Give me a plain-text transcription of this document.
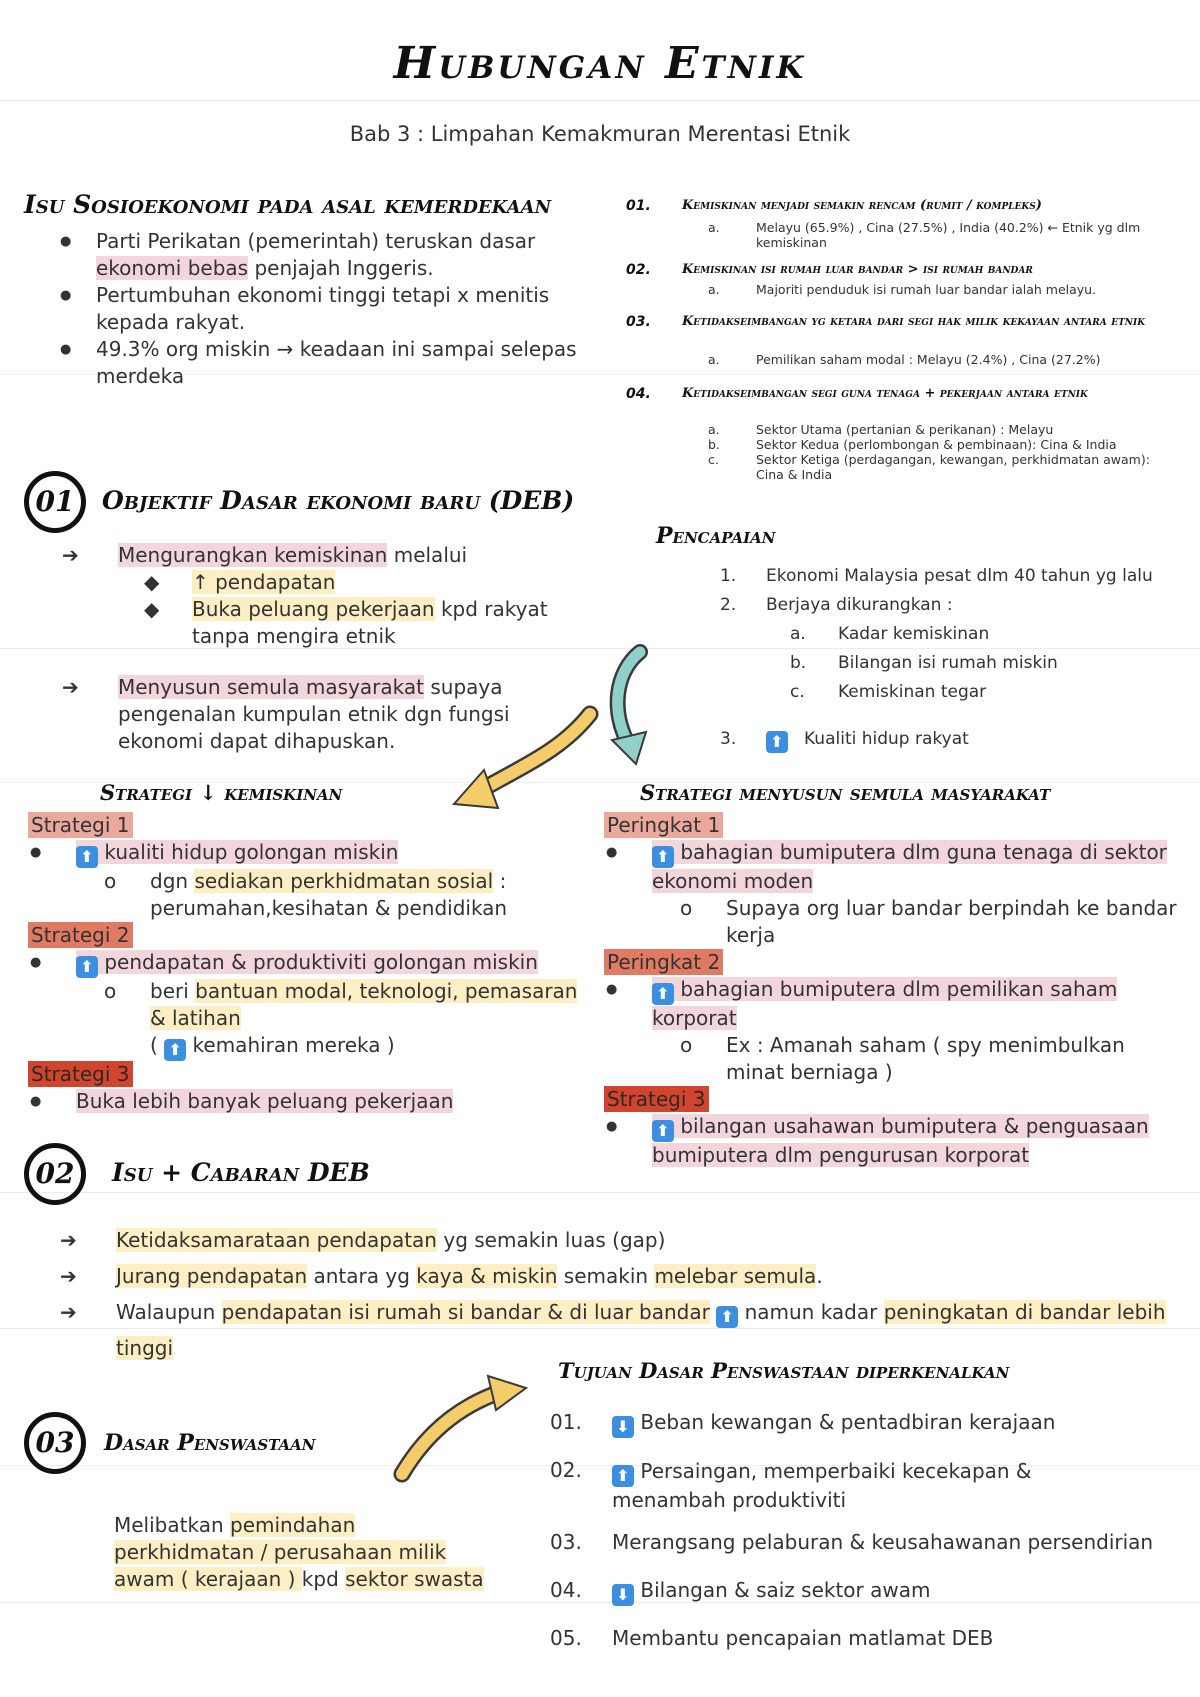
Hubungan Etnik
Bab 3 : Limpahan Kemakmuran Merentasi Etnik
Isu Sosioekonomi pada asal kemerdekaan
● Parti Perikatan (pemerintah) teruskan dasar ekonomi bebas penjajah Inggeris.
● Pertumbuhan ekonomi tinggi tetapi x menitis kepada rakyat.
● 49.3% org miskin → keadaan ini sampai selepas merdeka
01. Kemiskinan menjadi semakin rencam (rumit / kompleks)
a.	Melayu (65.9%) , Cina (27.5%) , India (40.2%) ← Etnik yg dlm kemiskinan
02. Kemiskinan isi rumah luar bandar > isi rumah bandar
a.	Majoriti penduduk isi rumah luar bandar ialah melayu.
03. Ketidakseimbangan yg ketara dari segi hak milik kekayaan antara etnik
a.	Pemilikan saham modal : Melayu (2.4%) , Cina (27.2%)
04. Ketidakseimbangan segi guna tenaga + pekerjaan antara etnik
a.	Sektor Utama (pertanian & perikanan) : Melayu
b.	Sektor Kedua (perlombongan & pembinaan): Cina & India
c.	Sektor Ketiga (perdagangan, kewangan, perkhidmatan awam): Cina & India
01	Objektif Dasar ekonomi baru (DEB)
➔ Mengurangkan kemiskinan melalui
◆ ↑ pendapatan
◆ Buka peluang pekerjaan kpd rakyat tanpa mengira etnik
➔ Menyusun semula masyarakat supaya pengenalan kumpulan etnik dgn fungsi ekonomi dapat dihapuskan.
Pencapaian
1. Ekonomi Malaysia pesat dlm 40 tahun yg lalu
2. Berjaya dikurangkan :
a. Kadar kemiskinan
b. Bilangan isi rumah miskin
c. Kemiskinan tegar
3. ⬆ Kualiti hidup rakyat
Strategi ↓ kemiskinan
Strategi 1
● ⬆ kualiti hidup golongan miskin
o dgn sediakan perkhidmatan sosial : perumahan,kesihatan & pendidikan
Strategi 2
● ⬆ pendapatan & produktiviti golongan miskin
o beri bantuan modal, teknologi, pemasaran & latihan
( ⬆ kemahiran mereka )
Strategi 3
● Buka lebih banyak peluang pekerjaan
Strategi menyusun semula masyarakat
Peringkat 1
● ⬆ bahagian bumiputera dlm guna tenaga di sektor ekonomi moden
o Supaya org luar bandar berpindah ke bandar kerja
Peringkat 2
● ⬆ bahagian bumiputera dlm pemilikan saham korporat
o Ex : Amanah saham ( spy menimbulkan minat berniaga )
Strategi 3
● ⬆ bilangan usahawan bumiputera & penguasaan bumiputera dlm pengurusan korporat
02	Isu + Cabaran DEB
➔ Ketidaksamarataan pendapatan yg semakin luas (gap)
➔ Jurang pendapatan antara yg kaya & miskin semakin melebar semula.
➔ Walaupun pendapatan isi rumah si bandar & di luar bandar ⬆ namun kadar peningkatan di bandar lebih tinggi
03	Dasar Penswastaan
Melibatkan pemindahan perkhidmatan / perusahaan milik awam ( kerajaan ) kpd sektor swasta
Tujuan Dasar Penswastaan diperkenalkan
01. ⬇ Beban kewangan & pentadbiran kerajaan
02. ⬆ Persaingan, memperbaiki kecekapan & menambah produktiviti
03. Merangsang pelaburan & keusahawanan persendirian
04. ⬇ Bilangan & saiz sektor awam
05. Membantu pencapaian matlamat DEB
